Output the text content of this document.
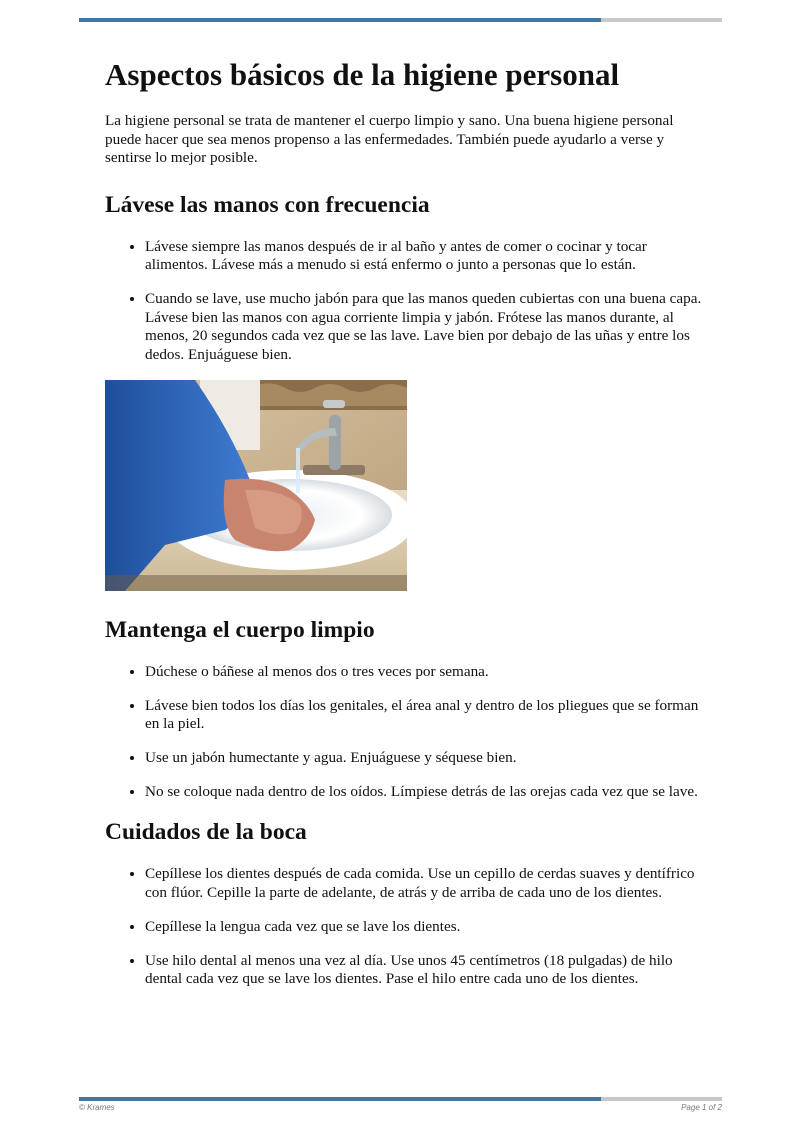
Aspectos básicos de la higiene personal

La higiene personal se trata de mantener el cuerpo limpio y sano. Una buena higiene personal puede hacer que sea menos propenso a las enfermedades. También puede ayudarlo a verse y sentirse lo mejor posible.

Lávese las manos con frecuencia
• Lávese siempre las manos después de ir al baño y antes de comer o cocinar y tocar alimentos. Lávese más a menudo si está enfermo o junto a personas que lo están.
• Cuando se lave, use mucho jabón para que las manos queden cubiertas con una buena capa. Lávese bien las manos con agua corriente limpia y jabón. Frótese las manos durante, al menos, 20 segundos cada vez que se las lave. Lave bien por debajo de las uñas y entre los dedos. Enjuáguese bien.
Mantenga el cuerpo limpio
• Dúchese o báñese al menos dos o tres veces por semana.
• Lávese bien todos los días los genitales, el área anal y dentro de los pliegues que se forman en la piel.
• Use un jabón humectante y agua. Enjuáguese y séquese bien.
• No se coloque nada dentro de los oídos. Límpiese detrás de las orejas cada vez que se lave.
Cuidados de la boca
• Cepíllese los dientes después de cada comida. Use un cepillo de cerdas suaves y dentífrico con flúor. Cepille la parte de adelante, de atrás y de arriba de cada uno de los dientes.
• Cepíllese la lengua cada vez que se lave los dientes.
• Use hilo dental al menos una vez al día. Use unos 45 centímetros (18 pulgadas) de hilo dental cada vez que se lave los dientes. Pase el hilo entre cada uno de los dientes.
© Krames	Page 1 of 2
